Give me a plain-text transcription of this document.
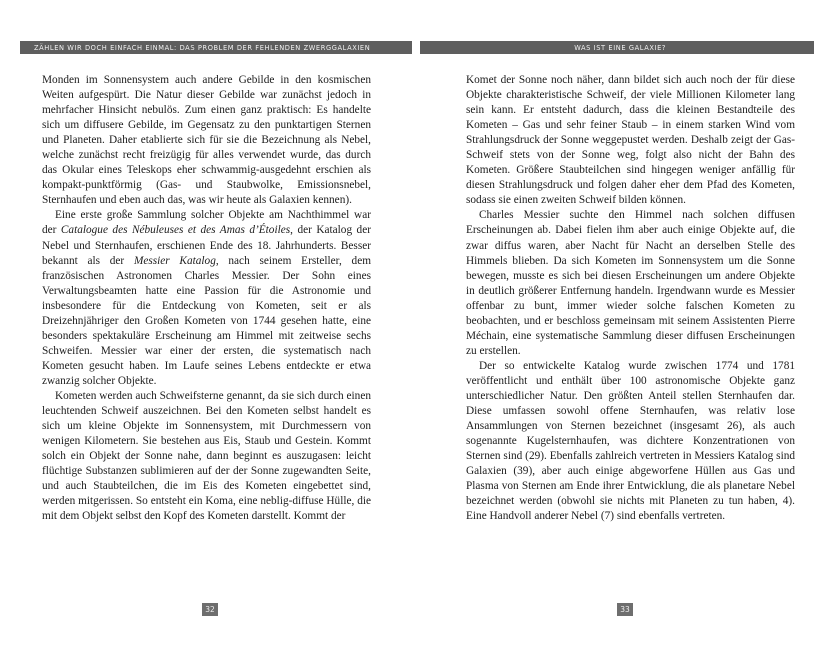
ZÄHLEN WIR DOCH EINFACH EINMAL: DAS PROBLEM DER FEHLENDEN ZWERGGALAXIEN	WAS IST EINE GALAXIE?

Monden im Sonnensystem auch andere Gebilde in den kosmischen Weiten aufgespürt. Die Natur dieser Gebilde war zunächst jedoch in mehrfacher Hinsicht nebulös. Zum einen ganz praktisch: Es handelte sich um diffusere Gebilde, im Gegensatz zu den punktartigen Sternen und Planeten. Daher etablierte sich für sie die Bezeichnung als Nebel, welche zunächst recht freizügig für alles verwendet wurde, das durch das Okular eines Teleskops eher schwammig-ausgedehnt erschien als kompakt-punktförmig (Gas- und Staubwolke, Emissionsnebel, Sternhaufen und eben auch das, was wir heute als Galaxien kennen).

Eine erste große Sammlung solcher Objekte am Nachthimmel war der Catalogue des Nébuleuses et des Amas d’Étoiles, der Katalog der Nebel und Sternhaufen, erschienen Ende des 18. Jahrhunderts. Besser bekannt als der Messier Katalog, nach seinem Ersteller, dem französischen Astronomen Charles Messier. Der Sohn eines Verwaltungsbeamten hatte eine Passion für die Astronomie und insbesondere für die Entdeckung von Kometen, seit er als Dreizehnjähriger den Großen Kometen von 1744 gesehen hatte, eine besonders spektakuläre Erscheinung am Himmel mit zeitweise sechs Schweifen. Messier war einer der ersten, die systematisch nach Kometen gesucht haben. Im Laufe seines Lebens entdeckte er etwa zwanzig solcher Objekte.

Kometen werden auch Schweifsterne genannt, da sie sich durch einen leuchtenden Schweif auszeichnen. Bei den Kometen selbst handelt es sich um kleine Objekte im Sonnensystem, mit Durchmessern von wenigen Kilometern. Sie bestehen aus Eis, Staub und Gestein. Kommt solch ein Objekt der Sonne nahe, dann beginnt es auszugasen: leicht flüchtige Substanzen sublimieren auf der der Sonne zugewandten Seite, und auch Staubteilchen, die im Eis des Kometen eingebettet sind, werden mitgerissen. So entsteht ein Koma, eine neblig-diffuse Hülle, die mit dem Objekt selbst den Kopf des Kometen darstellt. Kommt der

Komet der Sonne noch näher, dann bildet sich auch noch der für diese Objekte charakteristische Schweif, der viele Millionen Kilometer lang sein kann. Er entsteht dadurch, dass die kleinen Bestandteile des Kometen – Gas und sehr feiner Staub – in einem starken Wind vom Strahlungsdruck der Sonne weggepustet werden. Deshalb zeigt der Gas-Schweif stets von der Sonne weg, folgt also nicht der Bahn des Kometen. Größere Staubteilchen sind hingegen weniger anfällig für diesen Strahlungsdruck und folgen daher eher dem Pfad des Kometen, sodass sie einen zweiten Schweif bilden können.

Charles Messier suchte den Himmel nach solchen diffusen Erscheinungen ab. Dabei fielen ihm aber auch einige Objekte auf, die zwar diffus waren, aber Nacht für Nacht an derselben Stelle des Himmels blieben. Da sich Kometen im Sonnensystem um die Sonne bewegen, musste es sich bei diesen Erscheinungen um andere Objekte in deutlich größerer Entfernung handeln. Irgendwann wurde es Messier offenbar zu bunt, immer wieder solche falschen Kometen zu beobachten, und er beschloss gemeinsam mit seinem Assistenten Pierre Méchain, eine systematische Sammlung dieser diffusen Erscheinungen zu erstellen.

Der so entwickelte Katalog wurde zwischen 1774 und 1781 veröffentlicht und enthält über 100 astronomische Objekte ganz unterschiedlicher Natur. Den größten Anteil stellen Sternhaufen dar. Diese umfassen sowohl offene Sternhaufen, was relativ lose Ansammlungen von Sternen bezeichnet (insgesamt 26), als auch sogenannte Kugelsternhaufen, was dichtere Konzentrationen von Sternen sind (29). Ebenfalls zahlreich vertreten in Messiers Katalog sind Galaxien (39), aber auch einige abgeworfene Hüllen aus Gas und Plasma von Sternen am Ende ihrer Entwicklung, die als planetare Nebel bezeichnet werden (obwohl sie nichts mit Planeten zu tun haben, 4). Eine Handvoll anderer Nebel (7) sind ebenfalls vertreten.

32	33
